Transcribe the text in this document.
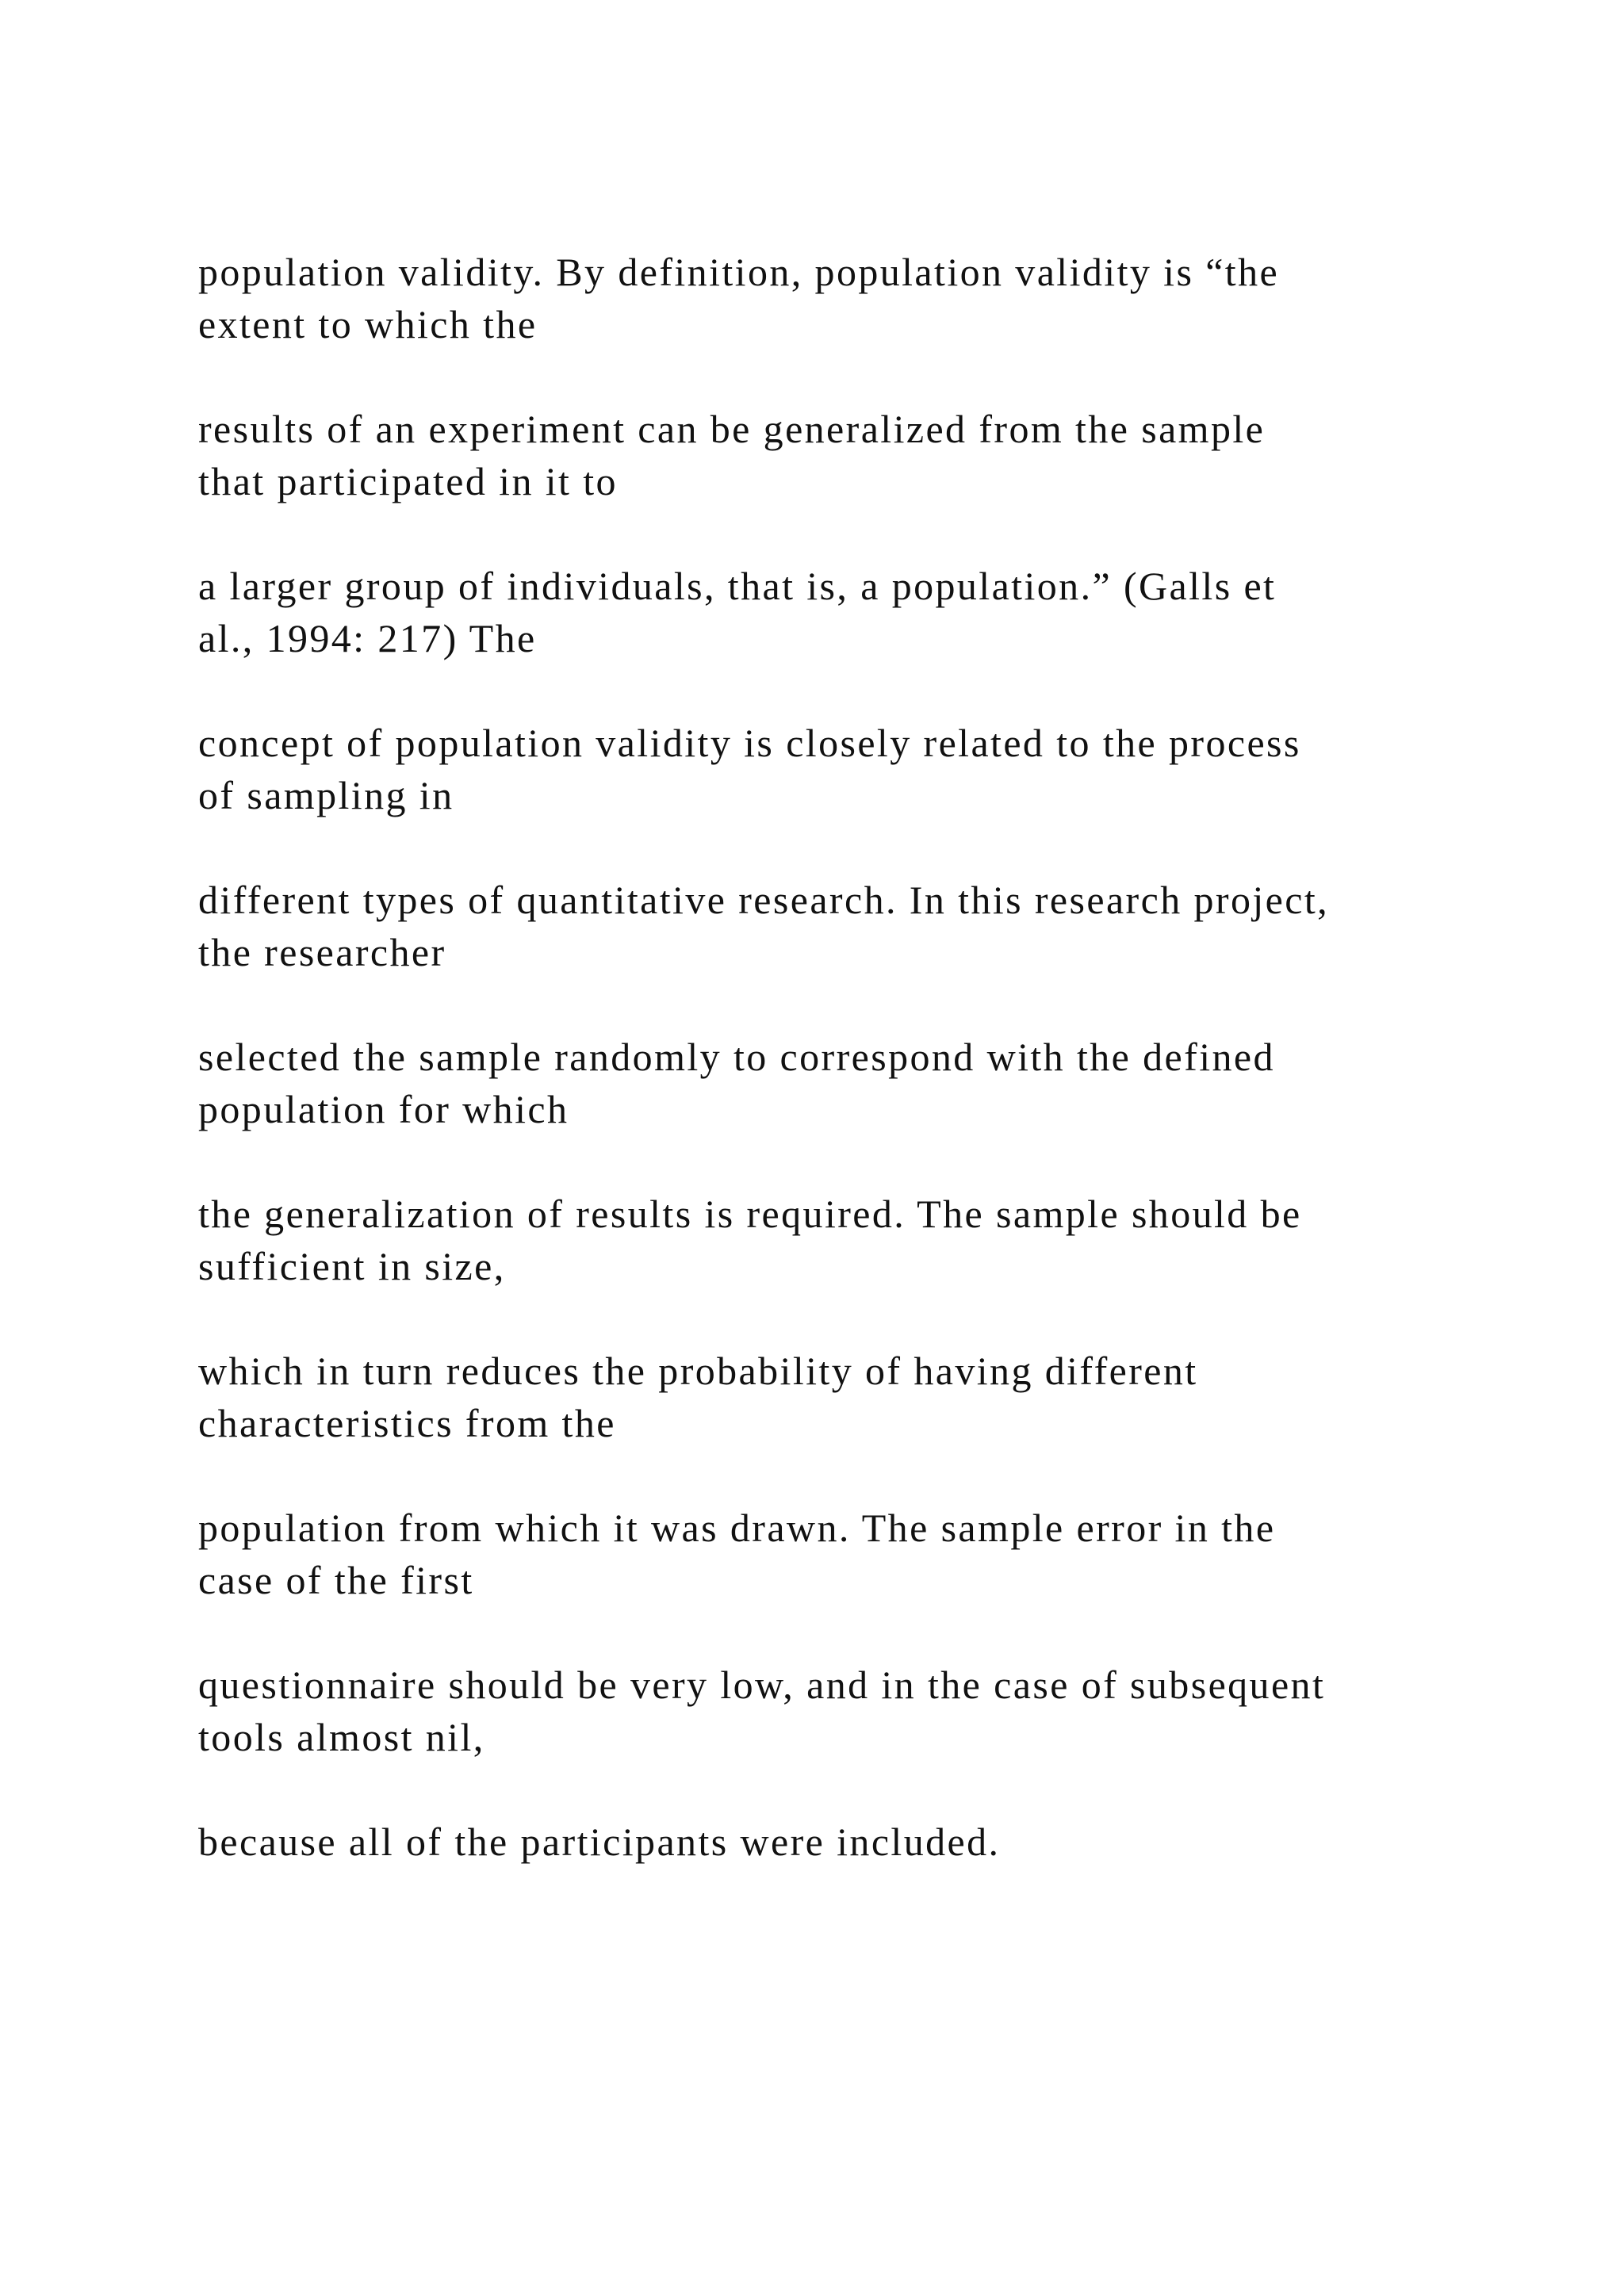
population validity. By definition, population validity is “the
extent to which the

results of an experiment can be generalized from the sample
that participated in it to

a larger group of individuals, that is, a population.” (Galls et
al., 1994: 217) The

concept of population validity is closely related to the process
of sampling in

different types of quantitative research. In this research project,
the researcher

selected the sample randomly to correspond with the defined
population for which

the generalization of results is required. The sample should be
sufficient in size,

which in turn reduces the probability of having different
characteristics from the

population from which it was drawn. The sample error in the
case of the first

questionnaire should be very low, and in the case of subsequent
tools almost nil,

because all of the participants were included.
